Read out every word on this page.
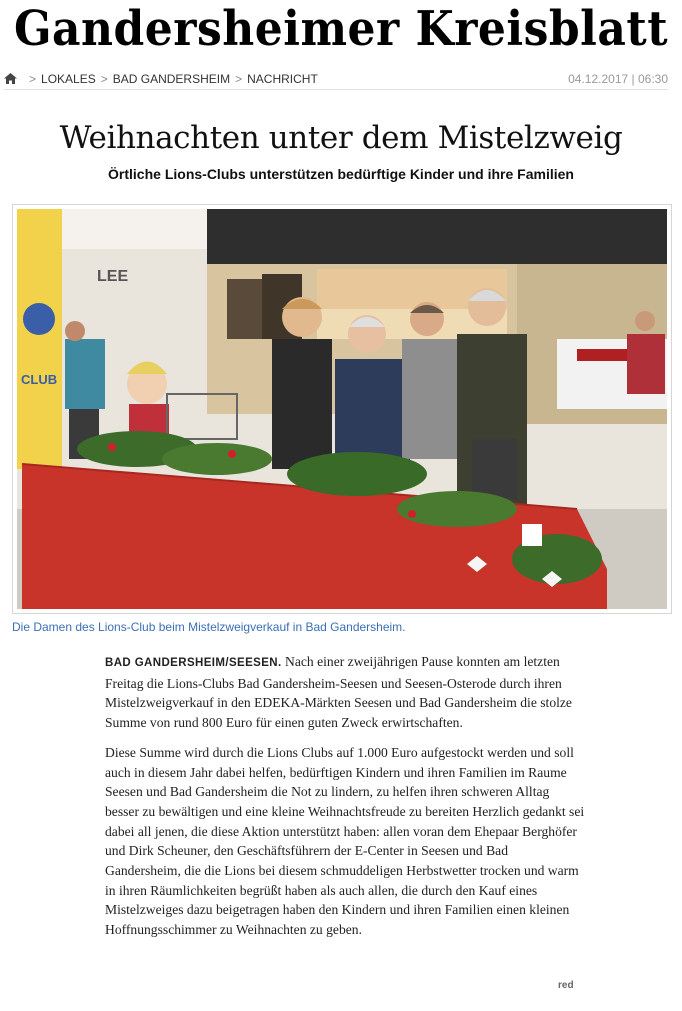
Gandersheimer Kreisblatt
> LOKALES > BAD GANDERSHEIM > NACHRICHT	04.12.2017 | 06:30
Weihnachten unter dem Mistelzweig
Örtliche Lions-Clubs unterstützen bedürftige Kinder und ihre Familien
CLUB
LEE
Die Damen des Lions-Club beim Mistelzweigverkauf in Bad Gandersheim.

BAD GANDERSHEIM/SEESEN. Nach einer zweijährigen Pause konnten am letzten Freitag die Lions-Clubs Bad Gandersheim-Seesen und Seesen-Osterode durch ihren Mistelzweigverkauf in den EDEKA-Märkten Seesen und Bad Gandersheim die stolze Summe von rund 800 Euro für einen guten Zweck erwirtschaften.

Diese Summe wird durch die Lions Clubs auf 1.000 Euro aufgestockt werden und soll auch in diesem Jahr dabei helfen, bedürftigen Kindern und ihren Familien im Raume Seesen und Bad Gandersheim die Not zu lindern, zu helfen ihren schweren Alltag besser zu bewältigen und eine kleine Weihnachtsfreude zu bereiten Herzlich gedankt sei dabei all jenen, die diese Aktion unterstützt haben: allen voran dem Ehepaar Berghöfer und Dirk Scheuner, den Geschäftsführern der E-Center in Seesen und Bad Gandersheim, die die Lions bei diesem schmuddeligen Herbstwetter trocken und warm in ihren Räumlichkeiten begrüßt haben als auch allen, die durch den Kauf eines Mistelzweiges dazu beigetragen haben den Kindern und ihren Familien einen kleinen Hoffnungsschimmer zu Weihnachten zu geben.

red
